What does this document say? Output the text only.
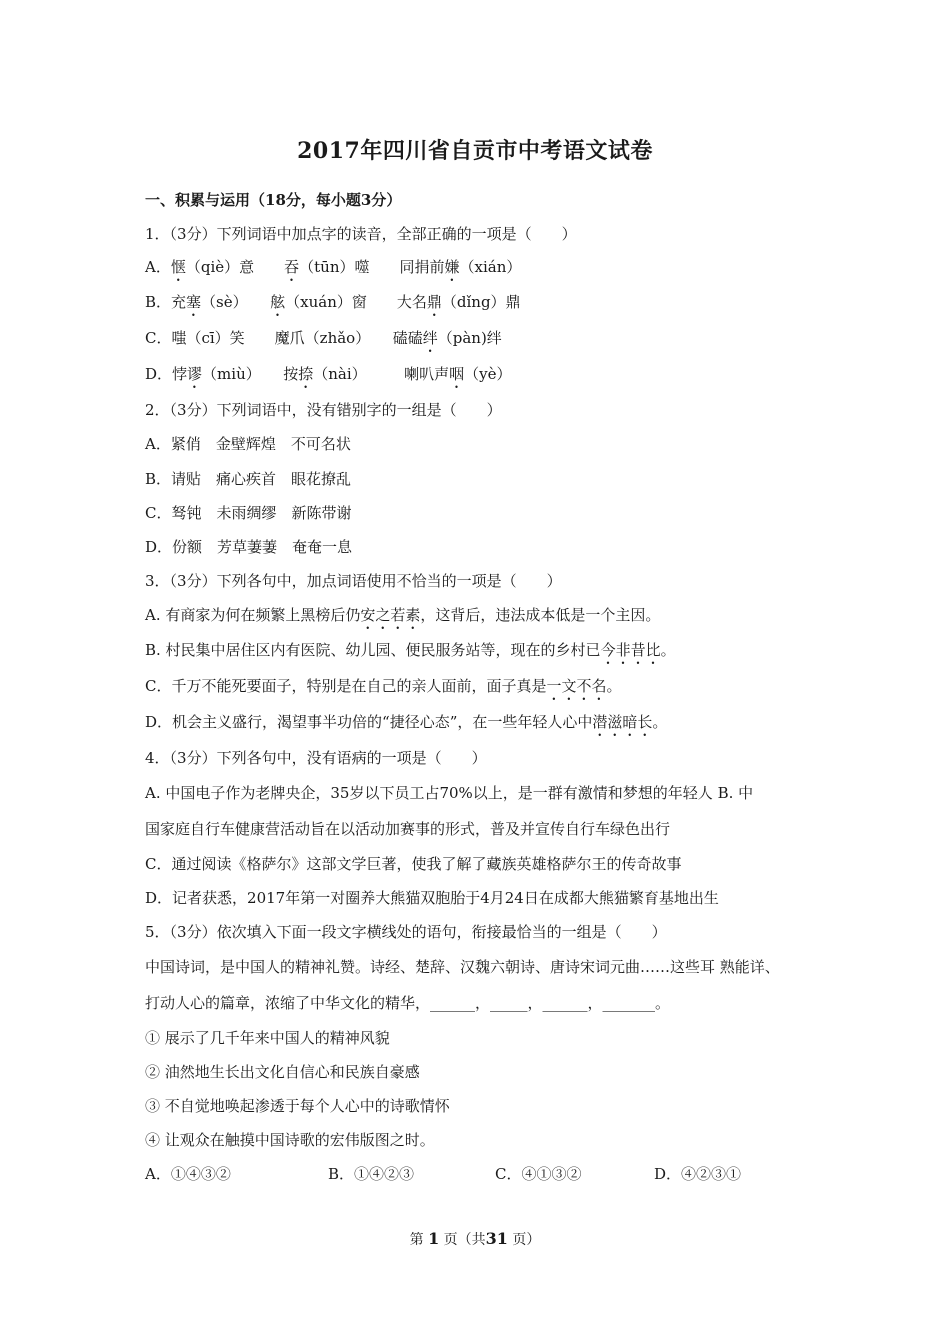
2017年四川省自贡市中考语文试卷
一、积累与运用（18分，每小题3分）
1．（3分）下列词语中加点字的读音，全部正确的一项是（　　）
A．惬（qiè）意　　吞（tūn）噬　　同捐前嫌（xián）
B．充塞（sè）　　舷（xuán）窗　　大名鼎（dǐng）鼎
C．嗤（cī）笑　　魔爪（zhǎo）　　磕磕绊（pàn)绊
D．悖谬（miù）　　按捺（nài）　　　喇叭声咽（yè）
2．（3分）下列词语中，没有错别字的一组是（　　）
A．紧俏　金壁辉煌　不可名状
B．请贴　痛心疾首　眼花撩乱
C．驽钝　未雨绸缪　新陈带谢
D．份额　芳草萋萋　奄奄一息
3．（3分）下列各句中，加点词语使用不恰当的一项是（　　）
A. 有商家为何在频繁上黑榜后仍安之若素，这背后，违法成本低是一个主因。
B. 村民集中居住区内有医院、幼儿园、便民服务站等，现在的乡村已今非昔比。
C．千万不能死要面子，特别是在自己的亲人面前，面子真是一文不名。
D．机会主义盛行，渴望事半功倍的“捷径心态”，在一些年轻人心中潜滋暗长。
4．（3分）下列各句中，没有语病的一项是（　　）
A. 中国电子作为老牌央企，35岁以下员工占70%以上，是一群有激情和梦想的年轻人 B. 中
国家庭自行车健康营活动旨在以活动加赛事的形式，普及并宣传自行车绿色出行
C．通过阅读《格萨尔》这部文学巨著，使我了解了藏族英雄格萨尔王的传奇故事
D．记者获悉，2017年第一对圈养大熊猫双胞胎于4月24日在成都大熊猫繁育基地出生
5．（3分）依次填入下面一段文字横线处的语句，衔接最恰当的一组是（　　）
中国诗词，是中国人的精神礼赞。诗经、楚辞、汉魏六朝诗、唐诗宋词元曲……这些耳 熟能详、
打动人心的篇章，浓缩了中华文化的精华，______，_____，______，_______。
① 展示了几千年来中国人的精神风貌
② 油然地生长出文化自信心和民族自豪感
③ 不自觉地唤起渗透于每个人心中的诗歌情怀
④ 让观众在触摸中国诗歌的宏伟版图之时。
A．①④③②	B．①④②③	C．④①③②	D．④②③①
第 1 页（共31 页）
